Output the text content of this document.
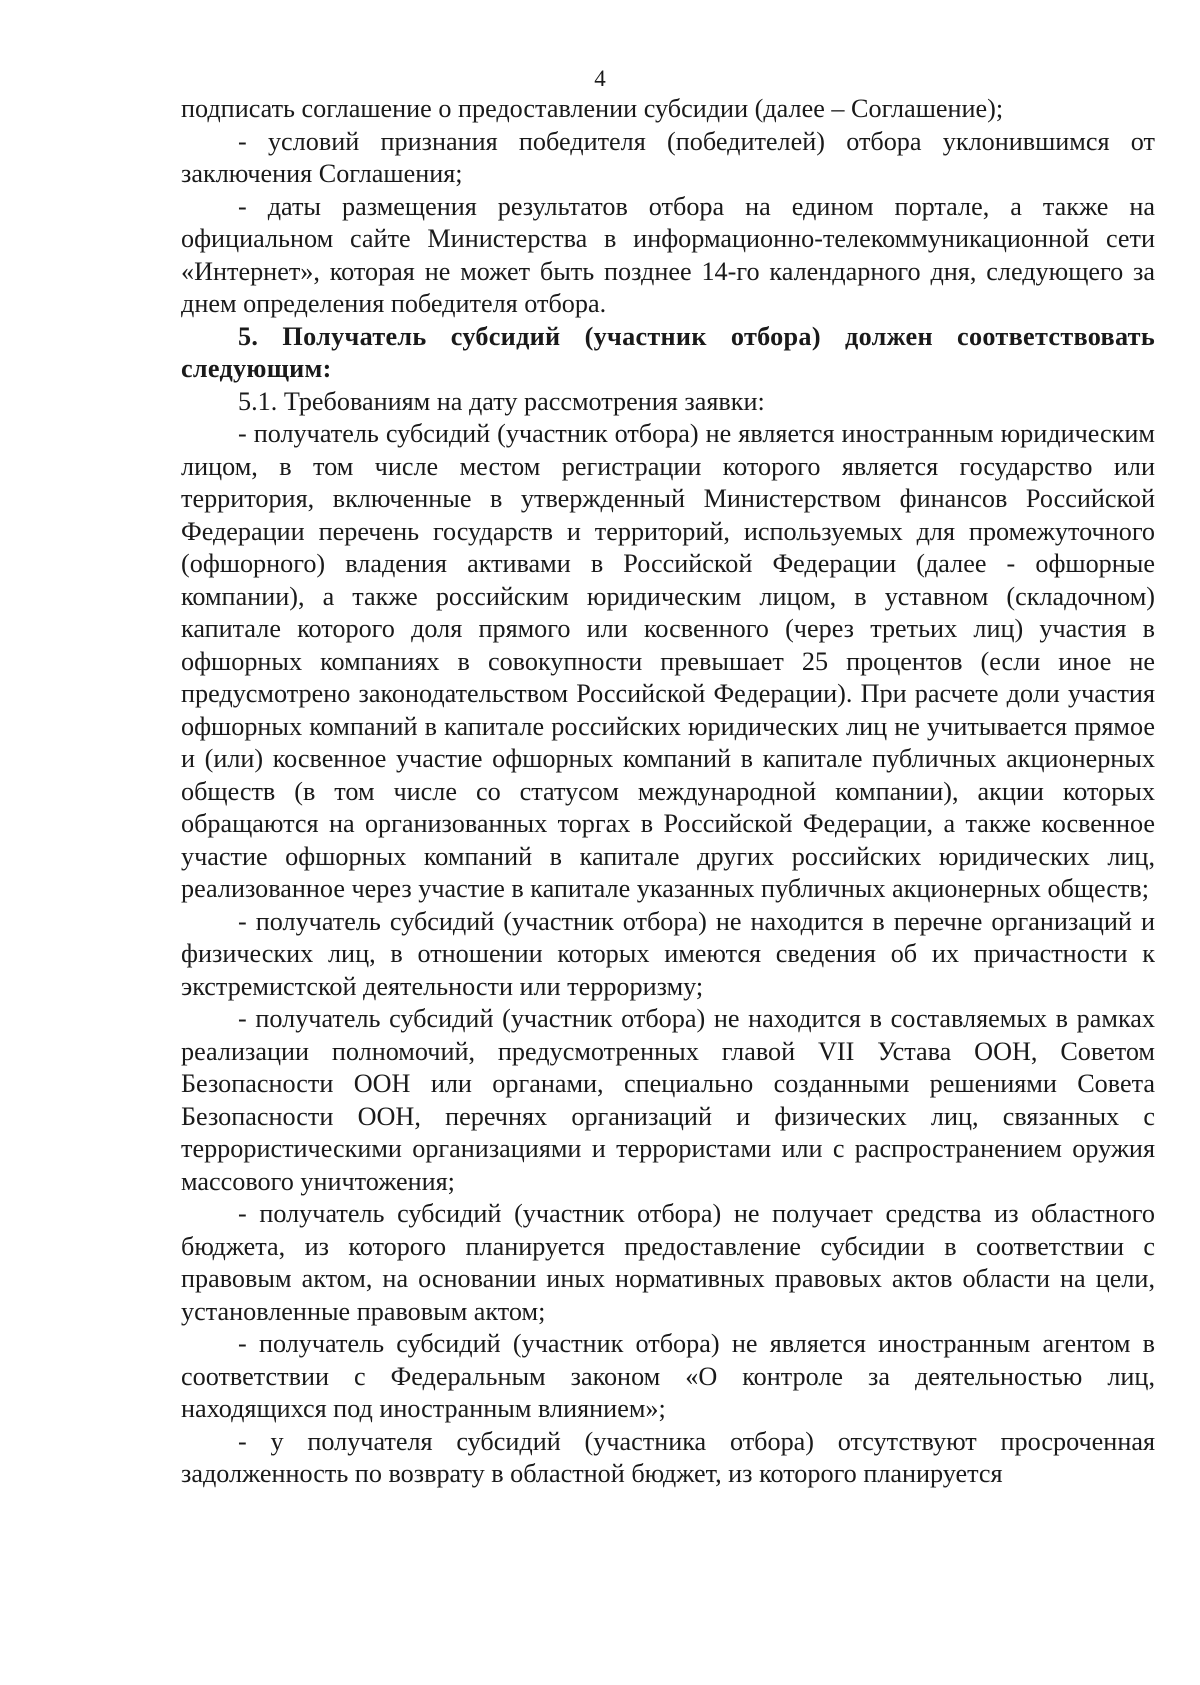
4

подписать соглашение о предоставлении субсидии (далее – Соглашение);

- условий признания победителя (победителей) отбора уклонившимся от заключения Соглашения;

- даты размещения результатов отбора на едином портале, а также на официальном сайте Министерства в информационно-телекоммуникационной сети «Интернет», которая не может быть позднее 14-го календарного дня, следующего за днем определения победителя отбора.

5. Получатель субсидий (участник отбора) должен соответствовать следующим:

5.1. Требованиям на дату рассмотрения заявки:

- получатель субсидий (участник отбора) не является иностранным юридическим лицом, в том числе местом регистрации которого является государство или территория, включенные в утвержденный Министерством финансов Российской Федерации перечень государств и территорий, используемых для промежуточного (офшорного) владения активами в Российской Федерации (далее - офшорные компании), а также российским юридическим лицом, в уставном (складочном) капитале которого доля прямого или косвенного (через третьих лиц) участия в офшорных компаниях в совокупности превышает 25 процентов (если иное не предусмотрено законодательством Российской Федерации). При расчете доли участия офшорных компаний в капитале российских юридических лиц не учитывается прямое и (или) косвенное участие офшорных компаний в капитале публичных акционерных обществ (в том числе со статусом международной компании), акции которых обращаются на организованных торгах в Российской Федерации, а также косвенное участие офшорных компаний в капитале других российских юридических лиц, реализованное через участие в капитале указанных публичных акционерных обществ;

- получатель субсидий (участник отбора) не находится в перечне организаций и физических лиц, в отношении которых имеются сведения об их причастности к экстремистской деятельности или терроризму;

- получатель субсидий (участник отбора) не находится в составляемых в рамках реализации полномочий, предусмотренных главой VII Устава ООН, Советом Безопасности ООН или органами, специально созданными решениями Совета Безопасности ООН, перечнях организаций и физических лиц, связанных с террористическими организациями и террористами или с распространением оружия массового уничтожения;

- получатель субсидий (участник отбора) не получает средства из областного бюджета, из которого планируется предоставление субсидии в соответствии с правовым актом, на основании иных нормативных правовых актов области на цели, установленные правовым актом;

- получатель субсидий (участник отбора) не является иностранным агентом в соответствии с Федеральным законом «О контроле за деятельностью лиц, находящихся под иностранным влиянием»;

- у получателя субсидий (участника отбора) отсутствуют просроченная задолженность по возврату в областной бюджет, из которого планируется
